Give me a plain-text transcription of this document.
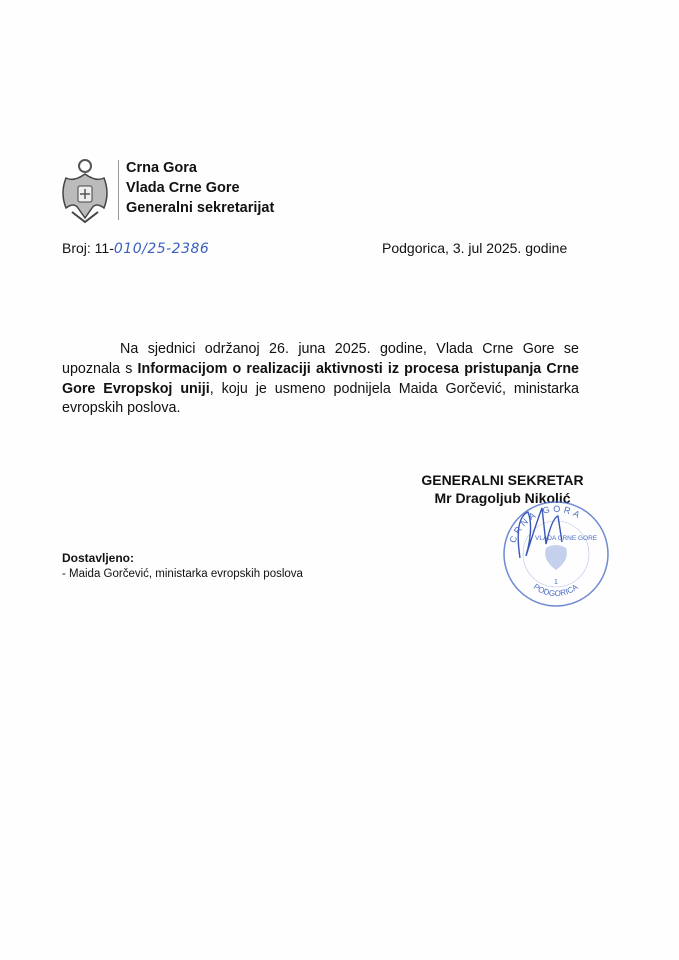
Crna Gora
Vlada Crne Gore
Generalni sekretarijat
Broj: 11-010/25-2386	Podgorica, 3. jul 2025. godine
Na sjednici održanoj 26. juna 2025. godine, Vlada Crne Gore se upoznala s Informacijom o realizaciji aktivnosti iz procesa pristupanja Crne Gore Evropskoj uniji, koju je usmeno podnijela Maida Gorčević, ministarka evropskih poslova.
GENERALNI SEKRETAR
Mr Dragoljub Nikolić
CRNA GORA
PODGORICA
VLADA CRNE GORE
1
Dostavljeno:
- Maida Gorčević, ministarka evropskih poslova
